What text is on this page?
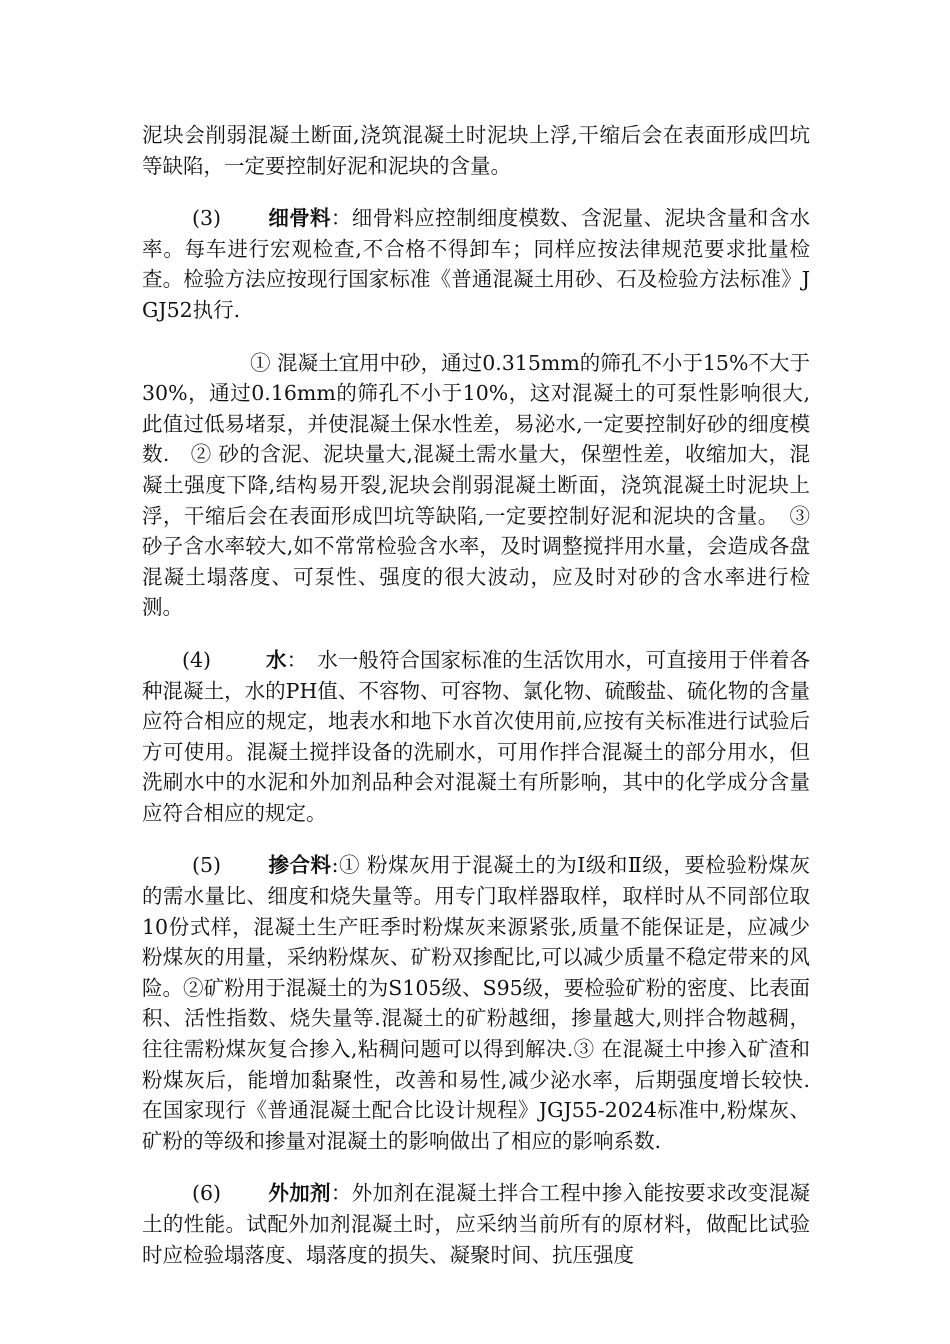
泥块会削弱混凝土断面,浇筑混凝土时泥块上浮,干缩后会在表面形成凹坑等缺陷，一定要控制好泥和泥块的含量。

(3) 细骨料：细骨料应控制细度模数、含泥量、泥块含量和含水率。每车进行宏观检查,不合格不得卸车；同样应按法律规范要求批量检查。检验方法应按现行国家标准《普通混凝土用砂、石及检验方法标准》JGJ52执行.

① 混凝土宜用中砂，通过0.315mm的筛孔不小于15%不大于30%，通过0.16mm的筛孔不小于10%，这对混凝土的可泵性影响很大,此值过低易堵泵，并使混凝土保水性差，易泌水,一定要控制好砂的细度模数.　② 砂的含泥、泥块量大,混凝土需水量大，保塑性差，收缩加大，混凝土强度下降,结构易开裂,泥块会削弱混凝土断面，浇筑混凝土时泥块上浮，干缩后会在表面形成凹坑等缺陷,一定要控制好泥和泥块的含量。　③砂子含水率较大,如不常常检验含水率，及时调整搅拌用水量，会造成各盘混凝土塌落度、可泵性、强度的很大波动，应及时对砂的含水率进行检测。

(4)	水：　水一般符合国家标准的生活饮用水，可直接用于伴着各种混凝土，水的PH值、不容物、可容物、氯化物、硫酸盐、硫化物的含量应符合相应的规定，地表水和地下水首次使用前,应按有关标准进行试验后方可使用。混凝土搅拌设备的洗刷水，可用作拌合混凝土的部分用水，但洗刷水中的水泥和外加剂品种会对混凝土有所影响，其中的化学成分含量应符合相应的规定。

(5) 掺合料:① 粉煤灰用于混凝土的为Ⅰ级和Ⅱ级，要检验粉煤灰的需水量比、细度和烧失量等。用专门取样器取样，取样时从不同部位取10份式样，混凝土生产旺季时粉煤灰来源紧张,质量不能保证是，应减少粉煤灰的用量，采纳粉煤灰、矿粉双掺配比,可以减少质量不稳定带来的风险。②矿粉用于混凝土的为S105级、S95级，要检验矿粉的密度、比表面积、活性指数、烧失量等.混凝土的矿粉越细，掺量越大,则拌合物越稠，往往需粉煤灰复合掺入,粘稠问题可以得到解决.③ 在混凝土中掺入矿渣和粉煤灰后，能增加黏聚性，改善和易性,减少泌水率，后期强度增长较快.在国家现行《普通混凝土配合比设计规程》JGJ55-2024标准中,粉煤灰、矿粉的等级和掺量对混凝土的影响做出了相应的影响系数.

(6) 外加剂：外加剂在混凝土拌合工程中掺入能按要求改变混凝土的性能。试配外加剂混凝土时，应采纳当前所有的原材料，做配比试验时应检验塌落度、塌落度的损失、凝聚时间、抗压强度
